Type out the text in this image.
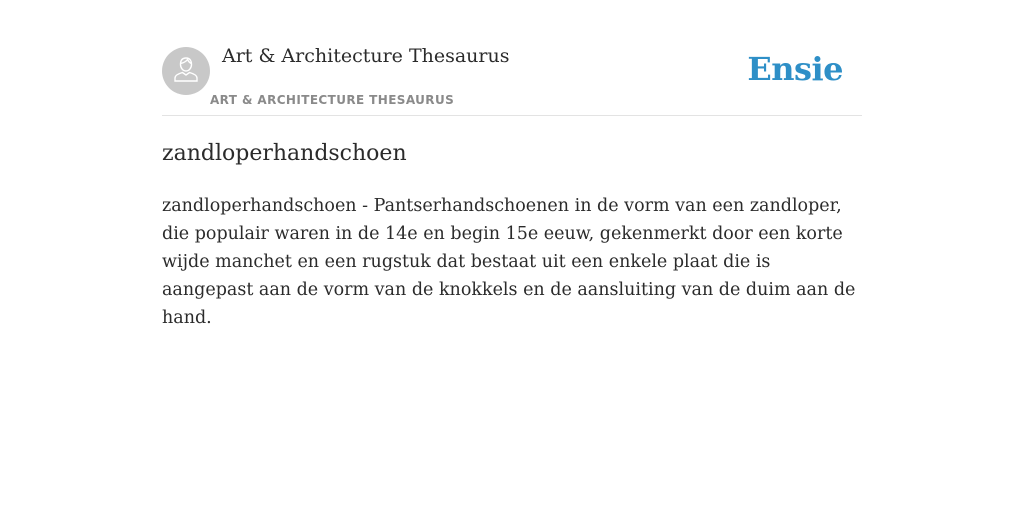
Art & Architecture Thesaurus
ART & ARCHITECTURE THESAURUS
Ensie
zandloperhandschoen

zandloperhandschoen - Pantserhandschoenen in de vorm van een zandloper, die populair waren in de 14e en begin 15e eeuw, gekenmerkt door een korte wijde manchet en een rugstuk dat bestaat uit een enkele plaat die is aangepast aan de vorm van de knokkels en de aansluiting van de duim aan de hand.
